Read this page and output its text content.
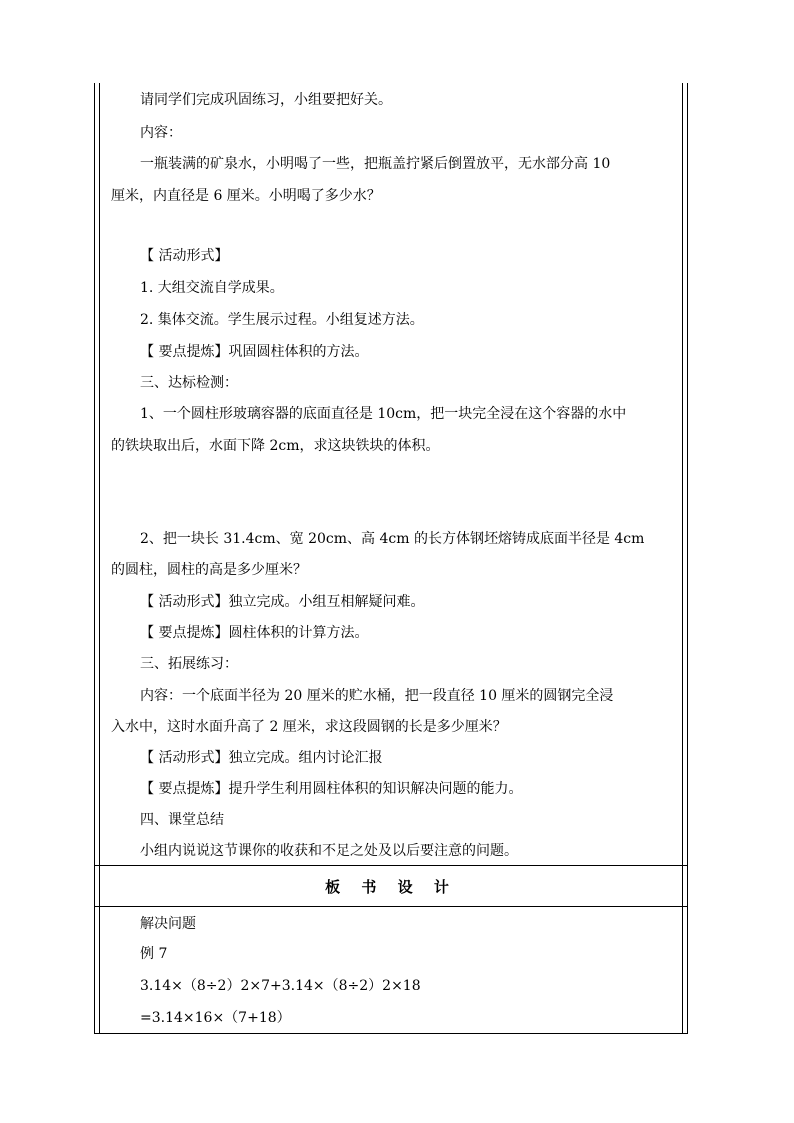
请同学们完成巩固练习，小组要把好关。
内容：
一瓶装满的矿泉水，小明喝了一些，把瓶盖拧紧后倒置放平，无水部分高 10
厘米，内直径是 6 厘米。小明喝了多少水？
【 活动形式】
1. 大组交流自学成果。
2. 集体交流。学生展示过程。小组复述方法。
【 要点提炼】巩固圆柱体积的方法。
三、达标检测：
1、一个圆柱形玻璃容器的底面直径是 10cm，把一块完全浸在这个容器的水中
的铁块取出后，水面下降 2cm，求这块铁块的体积。
2、把一块长 31.4cm、宽 20cm、高 4cm 的长方体钢坯熔铸成底面半径是 4cm
的圆柱，圆柱的高是多少厘米？
【 活动形式】独立完成。小组互相解疑问难。
【 要点提炼】圆柱体积的计算方法。
三、拓展练习：
内容：一个底面半径为 20 厘米的贮水桶，把一段直径 10 厘米的圆钢完全浸
入水中，这时水面升高了 2 厘米，求这段圆钢的长是多少厘米？
【 活动形式】独立完成。组内讨论汇报
【 要点提炼】提升学生利用圆柱体积的知识解决问题的能力。
四、课堂总结
小组内说说这节课你的收获和不足之处及以后要注意的问题。
板 书 设 计
解决问题
例 7
3.14×（8÷2）2×7+3.14×（8÷2）2×18
=3.14×16×（7+18）
